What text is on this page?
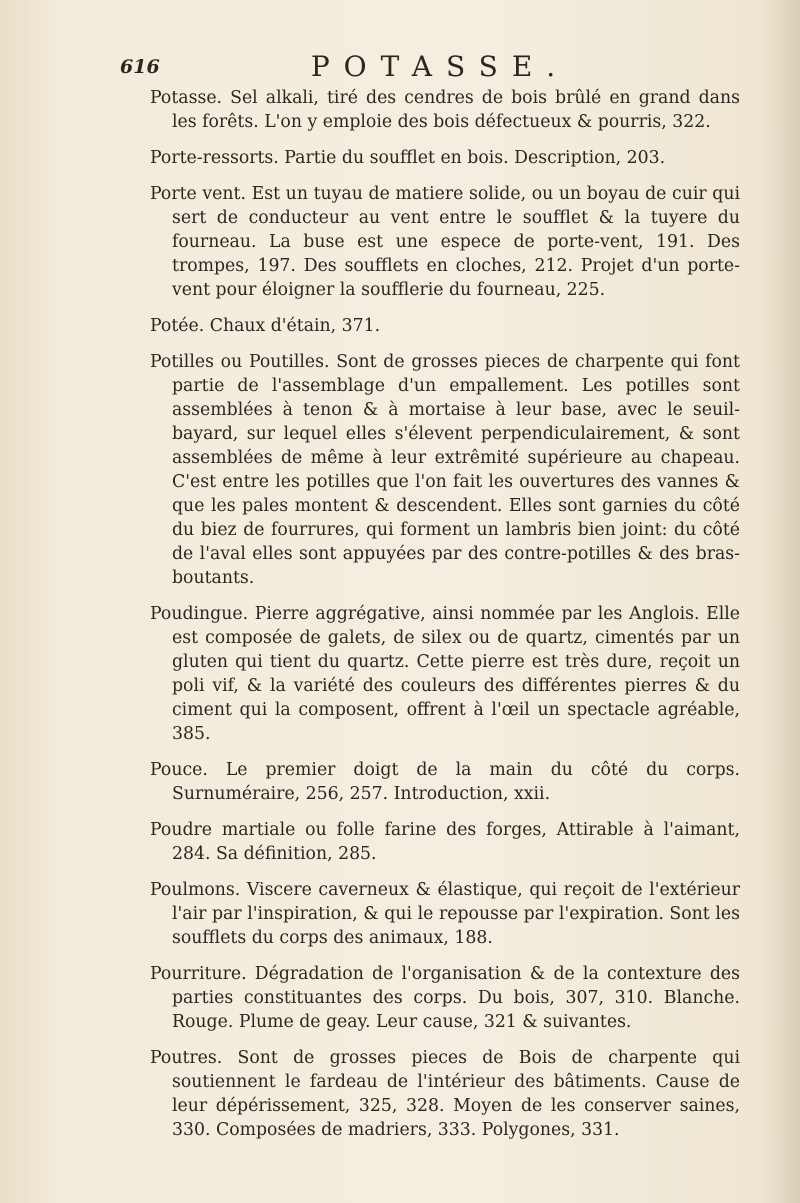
616	POTASSE.

Potasse. Sel alkali, tiré des cendres de bois brûlé en grand dans les forêts. L'on y emploie des bois défectueux & pourris, 322.

Porte-ressorts. Partie du soufflet en bois. Description, 203.

Porte vent. Est un tuyau de matiere solide, ou un boyau de cuir qui sert de conducteur au vent entre le soufflet & la tuyere du fourneau. La buse est une espece de porte-vent, 191. Des trompes, 197. Des soufflets en cloches, 212. Projet d'un porte-vent pour éloigner la soufflerie du fourneau, 225.

Potée. Chaux d'étain, 371.

Potilles ou Poutilles. Sont de grosses pieces de charpente qui font partie de l'assemblage d'un empallement. Les potilles sont assemblées à tenon & à mortaise à leur base, avec le seuil-bayard, sur lequel elles s'élevent perpendiculairement, & sont assemblées de même à leur extrêmité supérieure au chapeau. C'est entre les potilles que l'on fait les ouvertures des vannes & que les pales montent & descendent. Elles sont garnies du côté du biez de fourrures, qui forment un lambris bien joint: du côté de l'aval elles sont appuyées par des contre-potilles & des bras-boutants.

Poudingue. Pierre aggrégative, ainsi nommée par les Anglois. Elle est composée de galets, de silex ou de quartz, cimentés par un gluten qui tient du quartz. Cette pierre est très dure, reçoit un poli vif, & la variété des couleurs des différentes pierres & du ciment qui la composent, offrent à l'œil un spectacle agréable, 385.

Pouce. Le premier doigt de la main du côté du corps. Surnuméraire, 256, 257. Introduction, xxii.

Poudre martiale ou folle farine des forges, Attirable à l'aimant, 284. Sa définition, 285.

Poulmons. Viscere caverneux & élastique, qui reçoit de l'extérieur l'air par l'inspiration, & qui le repousse par l'expiration. Sont les soufflets du corps des animaux, 188.

Pourriture. Dégradation de l'organisation & de la contexture des parties constituantes des corps. Du bois, 307, 310. Blanche. Rouge. Plume de geay. Leur cause, 321 & suivantes.

Poutres. Sont de grosses pieces de Bois de charpente qui soutiennent le fardeau de l'intérieur des bâtiments. Cause de leur dépérissement, 325, 328. Moyen de les conserver saines, 330. Composées de madriers, 333. Polygones, 331.
